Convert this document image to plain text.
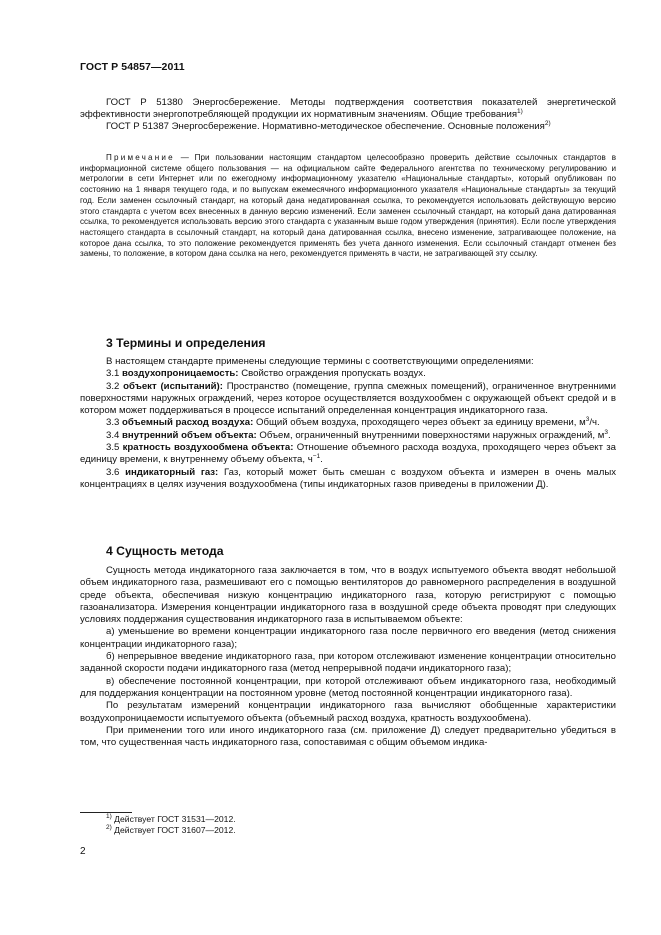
ГОСТ Р 54857—2011

ГОСТ Р 51380 Энергосбережение. Методы подтверждения соответствия показателей энергетической эффективности энергопотребляющей продукции их нормативным значениям. Общие требования$^{1)}$

ГОСТ Р 51387 Энергосбережение. Нормативно-методическое обеспечение. Основные положения$^{2)}$

Примечание — При пользовании настоящим стандартом целесообразно проверить действие ссылочных стандартов в информационной системе общего пользования — на официальном сайте Федерального агентства по техническому регулированию и метрологии в сети Интернет или по ежегодному информационному указателю «Национальные стандарты», который опубликован по состоянию на 1 января текущего года, и по выпускам ежемесячного информационного указателя «Национальные стандарты» за текущий год. Если заменен ссылочный стандарт, на который дана недатированная ссылка, то рекомендуется использовать действующую версию этого стандарта с учетом всех внесенных в данную версию изменений. Если заменен ссылочный стандарт, на который дана датированная ссылка, то рекомендуется использовать версию этого стандарта с указанным выше годом утверждения (принятия). Если после утверждения настоящего стандарта в ссылочный стандарт, на который дана датированная ссылка, внесено изменение, затрагивающее положение, на которое дана ссылка, то это положение рекомендуется применять без учета данного изменения. Если ссылочный стандарт отменен без замены, то положение, в котором дана ссылка на него, рекомендуется применять в части, не затрагивающей эту ссылку.

3 Термины и определения

В настоящем стандарте применены следующие термины с соответствующими определениями:

3.1 воздухопроницаемость: Свойство ограждения пропускать воздух.

3.2 объект (испытаний): Пространство (помещение, группа смежных помещений), ограниченное внутренними поверхностями наружных ограждений, через которое осуществляется воздухообмен с окружающей объект средой и в котором может поддерживаться в процессе испытаний определенная концентрация индикаторного газа.

3.3 объемный расход воздуха: Общий объем воздуха, проходящего через объект за единицу времени, $м^3/ч$.

3.4 внутренний объем объекта: Объем, ограниченный внутренними поверхностями наружных ограждений, $м^3$.

3.5 кратность воздухообмена объекта: Отношение объемного расхода воздуха, проходящего через объект за единицу времени, к внутреннему объему объекта, $ч^{-1}$.

3.6 индикаторный газ: Газ, который может быть смешан с воздухом объекта и измерен в очень малых концентрациях в целях изучения воздухообмена (типы индикаторных газов приведены в приложении Д).

4 Сущность метода

Сущность метода индикаторного газа заключается в том, что в воздух испытуемого объекта вводят небольшой объем индикаторного газа, размешивают его с помощью вентиляторов до равномерного распределения в воздушной среде объекта, обеспечивая низкую концентрацию индикаторного газа, которую регистрируют с помощью газоанализатора. Измерения концентрации индикаторного газа в воздушной среде объекта проводят при следующих условиях поддержания существования индикаторного газа в испытываемом объекте:

а) уменьшение во времени концентрации индикаторного газа после первичного его введения (метод снижения концентрации индикаторного газа);

б) непрерывное введение индикаторного газа, при котором отслеживают изменение концентрации относительно заданной скорости подачи индикаторного газа (метод непрерывной подачи индикаторного газа);

в) обеспечение постоянной концентрации, при которой отслеживают объем индикаторного газа, необходимый для поддержания концентрации на постоянном уровне (метод постоянной концентрации индикаторного газа).

По результатам измерений концентрации индикаторного газа вычисляют обобщенные характеристики воздухопроницаемости испытуемого объекта (объемный расход воздуха, кратность воздухообмена).

При применении того или иного индикаторного газа (см. приложение Д) следует предварительно убедиться в том, что существенная часть индикаторного газа, сопоставимая с общим объемом индика-

$^{1)}$ Действует ГОСТ 31531—2012.
$^{2)}$ Действует ГОСТ 31607—2012.
2
